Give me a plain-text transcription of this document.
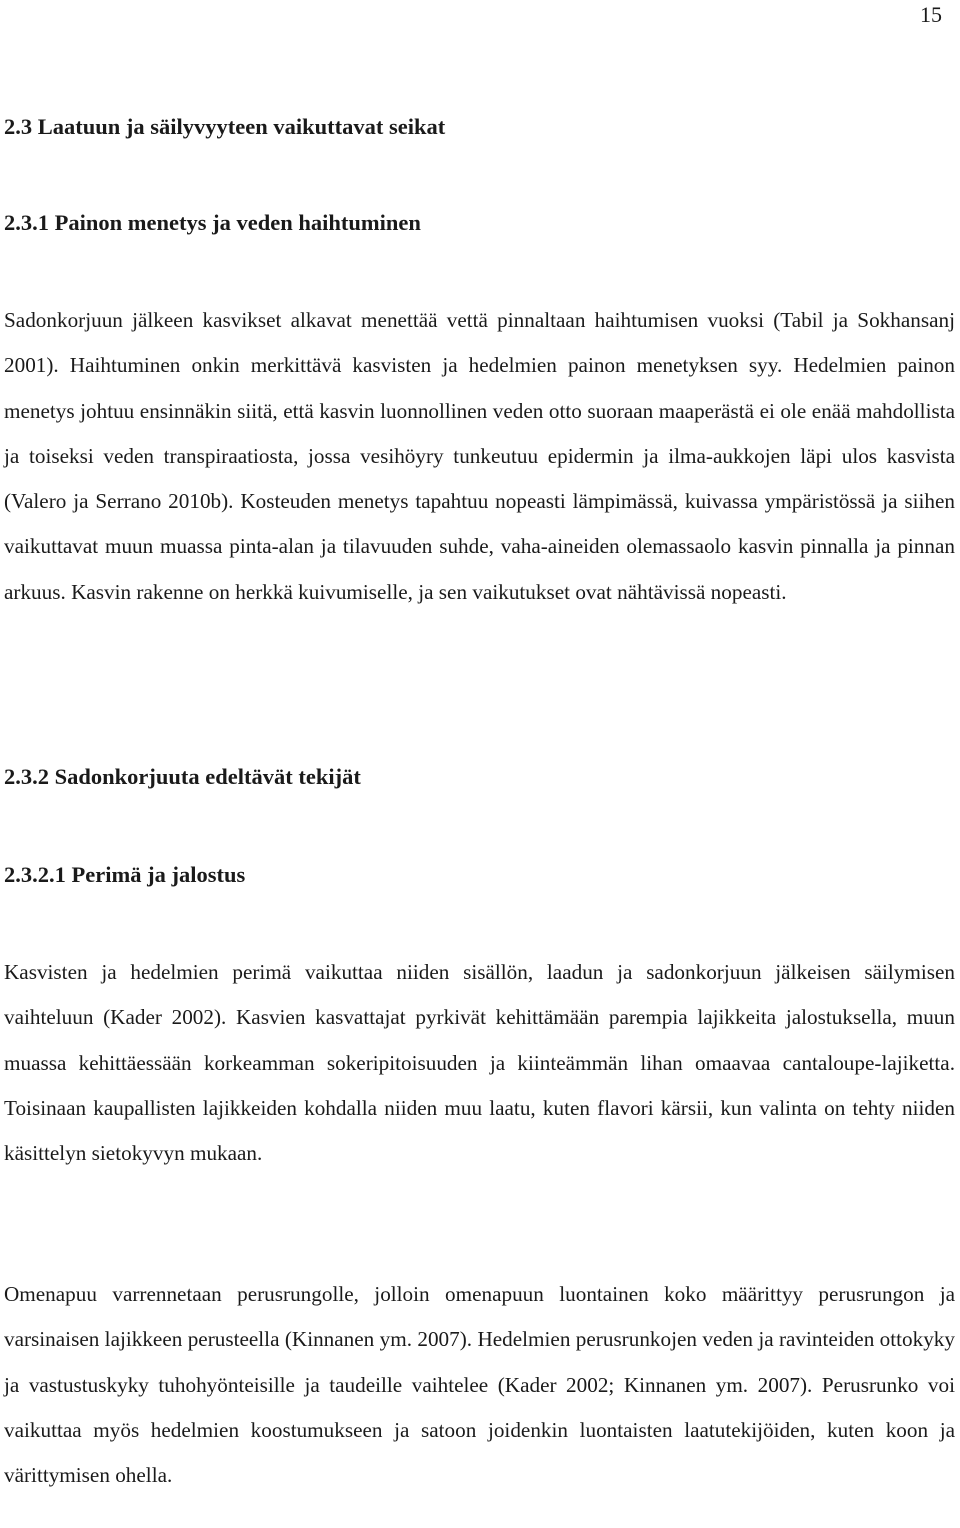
15
2.3 Laatuun ja säilyvyyteen vaikuttavat seikat
2.3.1 Painon menetys ja veden haihtuminen

Sadonkorjuun jälkeen kasvikset alkavat menettää vettä pinnaltaan haihtumisen vuoksi (Tabil ja Sokhansanj 2001). Haihtuminen onkin merkittävä kasvisten ja hedelmien painon menetyksen syy. Hedelmien painon menetys johtuu ensinnäkin siitä, että kasvin luonnollinen veden otto suoraan maaperästä ei ole enää mahdollista ja toiseksi veden transpiraatiosta, jossa vesihöyry tunkeutuu epidermin ja ilma-aukkojen läpi ulos kasvista (Valero ja Serrano 2010b). Kosteuden menetys tapahtuu nopeasti lämpimässä, kuivassa ympäristössä ja siihen vaikuttavat muun muassa pinta-alan ja tilavuuden suhde, vaha-aineiden olemassaolo kasvin pinnalla ja pinnan arkuus. Kasvin rakenne on herkkä kuivumiselle, ja sen vaikutukset ovat nähtävissä nopeasti.

2.3.2 Sadonkorjuuta edeltävät tekijät
2.3.2.1 Perimä ja jalostus

Kasvisten ja hedelmien perimä vaikuttaa niiden sisällön, laadun ja sadonkorjuun jälkeisen säilymisen vaihteluun (Kader 2002). Kasvien kasvattajat pyrkivät kehittämään parempia lajikkeita jalostuksella, muun muassa kehittäessään korkeamman sokeripitoisuuden ja kiinteämmän lihan omaavaa cantaloupe-lajiketta. Toisinaan kaupallisten lajikkeiden kohdalla niiden muu laatu, kuten flavori kärsii, kun valinta on tehty niiden käsittelyn sietokyvyn mukaan.

Omenapuu varrennetaan perusrungolle, jolloin omenapuun luontainen koko määrittyy perusrungon ja varsinaisen lajikkeen perusteella (Kinnanen ym. 2007). Hedelmien perusrunkojen veden ja ravinteiden ottokyky ja vastustuskyky tuhohyönteisille ja taudeille vaihtelee (Kader 2002; Kinnanen ym. 2007). Perusrunko voi vaikuttaa myös hedelmien koostumukseen ja satoon joidenkin luontaisten laatutekijöiden, kuten koon ja värittymisen ohella.
